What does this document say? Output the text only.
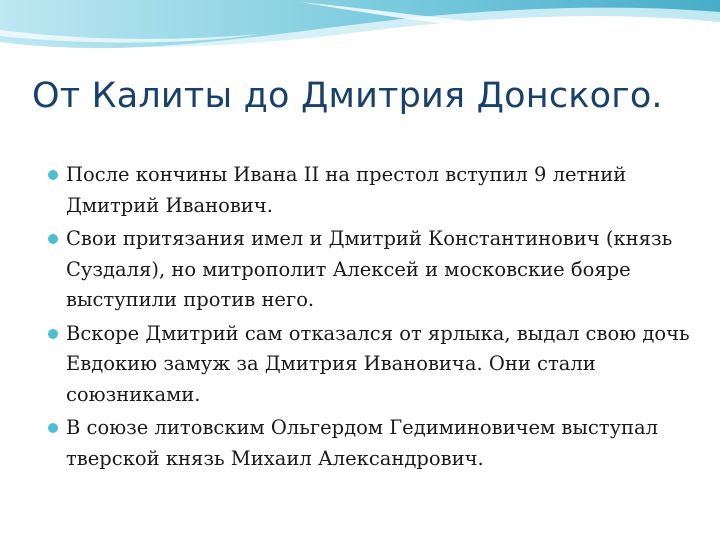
От Калиты до Дмитрия Донского.
После кончины Ивана II на престол вступил 9 летний Дмитрий Иванович.
Свои притязания имел и Дмитрий Константинович (князь Суздаля), но митрополит Алексей и московские бояре выступили против него.
Вскоре Дмитрий сам отказался от ярлыка, выдал свою дочь Евдокию замуж за Дмитрия Ивановича. Они стали союзниками.
В союзе литовским Ольгердом Гедиминовичем выступал тверской князь Михаил Александрович.
